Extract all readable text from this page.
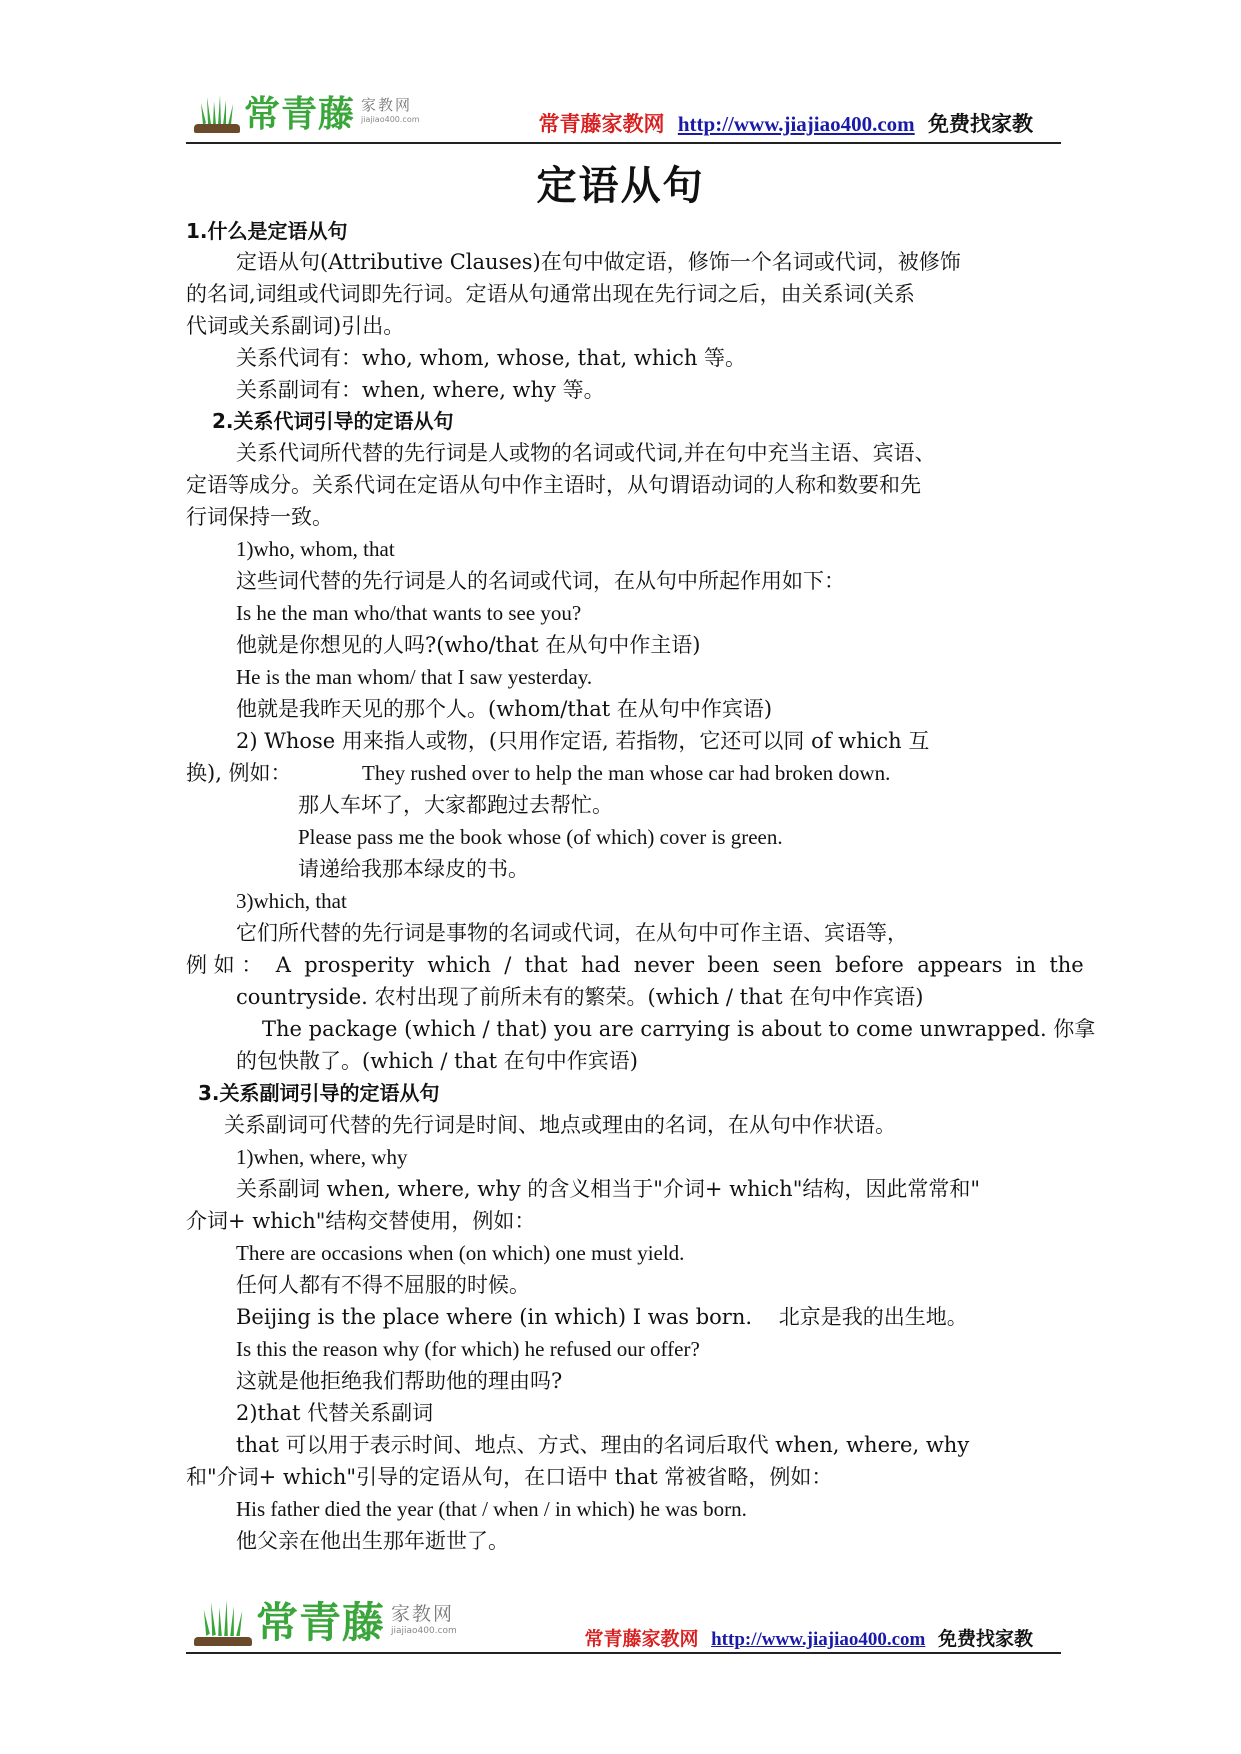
常青藤 家教网
jiajiao400.com	常青藤家教网 http://www.jiajiao400.com 免费找家教
定语从句
1.什么是定语从句
定语从句(Attributive Clauses)在句中做定语，修饰一个名词或代词，被修饰
的名词,词组或代词即先行词。定语从句通常出现在先行词之后，由关系词(关系
代词或关系副词)引出。
关系代词有：who, whom, whose, that, which 等。
关系副词有：when, where, why 等。
2.关系代词引导的定语从句
关系代词所代替的先行词是人或物的名词或代词,并在句中充当主语、宾语、
定语等成分。关系代词在定语从句中作主语时，从句谓语动词的人称和数要和先
行词保持一致。
1)who, whom, that
这些词代替的先行词是人的名词或代词，在从句中所起作用如下：
Is he the man who/that wants to see you?
他就是你想见的人吗?(who/that 在从句中作主语)
He is the man whom/ that I saw yesterday.
他就是我昨天见的那个人。(whom/that 在从句中作宾语)
2) Whose 用来指人或物，(只用作定语, 若指物，它还可以同 of which 互
换), 例如：	They rushed over to help the man whose car had broken down.
那人车坏了，大家都跑过去帮忙。
Please pass me the book whose (of which) cover is green.
请递给我那本绿皮的书。
3)which, that
它们所代替的先行词是事物的名词或代词，在从句中可作主语、宾语等，
例 如 ：  A  prosperity  which  /  that  had  never  been  seen  before  appears  in  the
countryside. 农村出现了前所未有的繁荣。(which / that 在句中作宾语)
The package (which / that) you are carrying is about to come unwrapped. 你拿
的包快散了。(which / that 在句中作宾语)
3.关系副词引导的定语从句
关系副词可代替的先行词是时间、地点或理由的名词，在从句中作状语。
1)when, where, why
关系副词 when, where, why 的含义相当于"介词+ which"结构，因此常常和"
介词+ which"结构交替使用，例如：
There are occasions when (on which) one must yield.
任何人都有不得不屈服的时候。
Beijing is the place where (in which) I was born.    北京是我的出生地。
Is this the reason why (for which) he refused our offer?
这就是他拒绝我们帮助他的理由吗?
2)that 代替关系副词
that 可以用于表示时间、地点、方式、理由的名词后取代 when, where, why
和"介词+ which"引导的定语从句，在口语中 that 常被省略，例如：
His father died the year (that / when / in which) he was born.
他父亲在他出生那年逝世了。
常青藤 家教网
jiajiao400.com	常青藤家教网 http://www.jiajiao400.com 免费找家教
